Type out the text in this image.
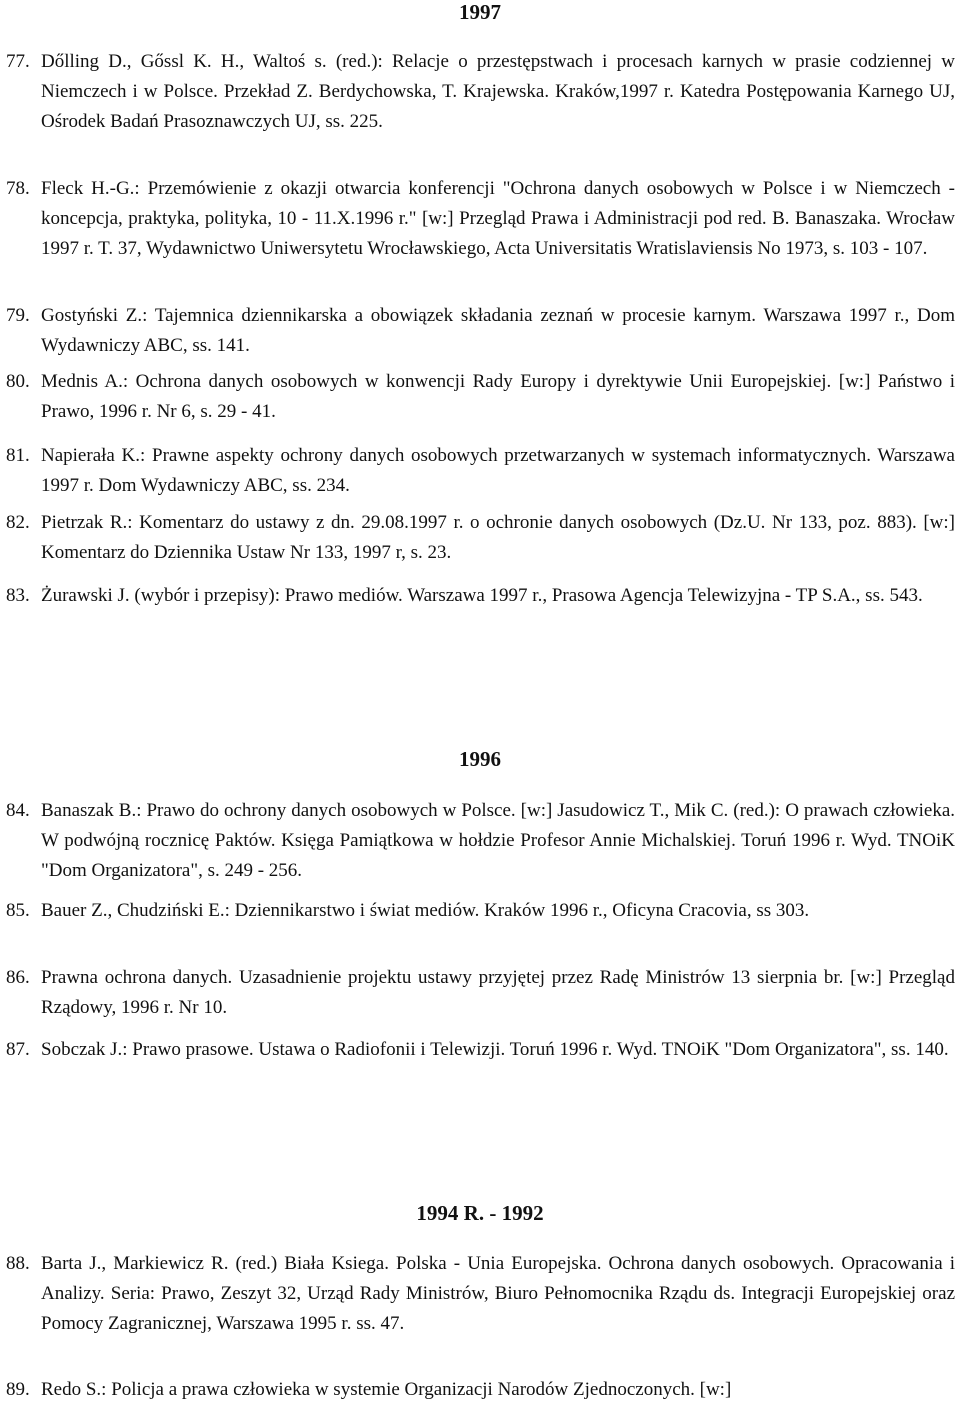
1997

77. Dőlling D., Gőssl K. H., Waltoś s. (red.): Relacje o przestępstwach i procesach karnych w prasie codziennej w Niemczech i w Polsce. Przekład Z. Berdychowska, T. Krajewska. Kraków,1997 r. Katedra Postępowania Karnego UJ, Ośrodek Badań Prasoznawczych UJ, ss. 225.

78. Fleck H.-G.: Przemówienie z okazji otwarcia konferencji "Ochrona danych osobowych w Polsce i w Niemczech - koncepcja, praktyka, polityka, 10 - 11.X.1996 r." [w:] Przegląd Prawa i Administracji pod red. B. Banaszaka. Wrocław 1997 r. T. 37, Wydawnictwo Uniwersytetu Wrocławskiego, Acta Universitatis Wratislaviensis No 1973, s. 103 - 107.

79. Gostyński Z.: Tajemnica dziennikarska a obowiązek składania zeznań w procesie karnym. Warszawa 1997 r., Dom Wydawniczy ABC, ss. 141.

80. Mednis A.: Ochrona danych osobowych w konwencji Rady Europy i dyrektywie Unii Europejskiej. [w:] Państwo i Prawo, 1996 r. Nr 6, s. 29 - 41.

81. Napierała K.: Prawne aspekty ochrony danych osobowych przetwarzanych w systemach informatycznych. Warszawa 1997 r. Dom Wydawniczy ABC, ss. 234.

82. Pietrzak R.: Komentarz do ustawy z dn. 29.08.1997 r. o ochronie danych osobowych (Dz.U. Nr 133, poz. 883). [w:] Komentarz do Dziennika Ustaw Nr 133, 1997 r, s. 23.

83. Żurawski J. (wybór i przepisy): Prawo mediów. Warszawa 1997 r., Prasowa Agencja Telewizyjna - TP S.A., ss. 543.

1996

84. Banaszak B.: Prawo do ochrony danych osobowych w Polsce. [w:] Jasudowicz T., Mik C. (red.): O prawach człowieka. W podwójną rocznicę Paktów. Księga Pamiątkowa w hołdzie Profesor Annie Michalskiej. Toruń 1996 r. Wyd. TNOiK "Dom Organizatora", s. 249 - 256.

85. Bauer Z., Chudziński E.: Dziennikarstwo i świat mediów. Kraków 1996 r., Oficyna Cracovia, ss 303.

86. Prawna ochrona danych. Uzasadnienie projektu ustawy przyjętej przez Radę Ministrów 13 sierpnia br. [w:] Przegląd Rządowy, 1996 r. Nr 10.

87. Sobczak J.: Prawo prasowe. Ustawa o Radiofonii i Telewizji. Toruń 1996 r. Wyd. TNOiK "Dom Organizatora", ss. 140.

1994 R. - 1992

88. Barta J., Markiewicz R. (red.) Biała Ksiega. Polska - Unia Europejska. Ochrona danych osobowych. Opracowania i Analizy. Seria: Prawo, Zeszyt 32, Urząd Rady Ministrów, Biuro Pełnomocnika Rządu ds. Integracji Europejskiej oraz Pomocy Zagranicznej, Warszawa 1995 r. ss. 47.

89. Redo S.: Policja a prawa człowieka w systemie Organizacji Narodów Zjednoczonych. [w:]
